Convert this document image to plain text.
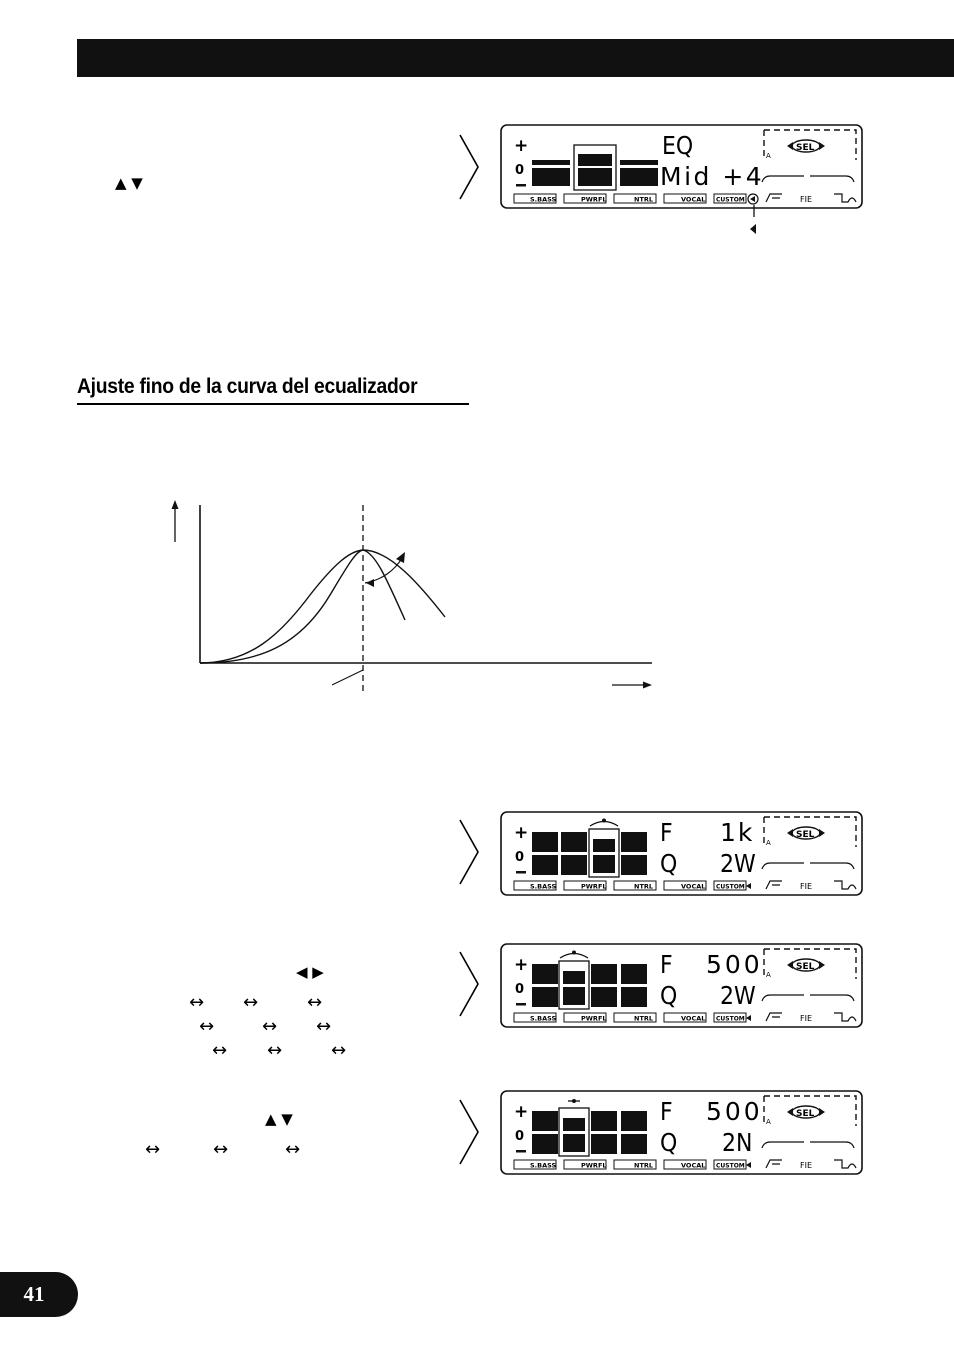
▲ ▼
+
0
EQ
Mid +4
SEL
A
S.BASS	PWRFL	NTRL	VOCAL CUSTOM	FIE
Ajuste fino de la curva del ecualizador
+
0
F 1k
Q 2W
SEL
A
S.BASS	PWRFL	NTRL	VOCAL CUSTOM	FIE
◀ ▶
↔ ↔	↔
↔	↔ ↔
↔ ↔	↔
+
0
F 500
Q 2W
SEL
A
S.BASS	PWRFL	NTRL	VOCAL CUSTOM	FIE
▲ ▼
↔	↔	↔
+
0
F 500
Q 2N
SEL
A
S.BASS	PWRFL	NTRL	VOCAL CUSTOM	FIE
41
